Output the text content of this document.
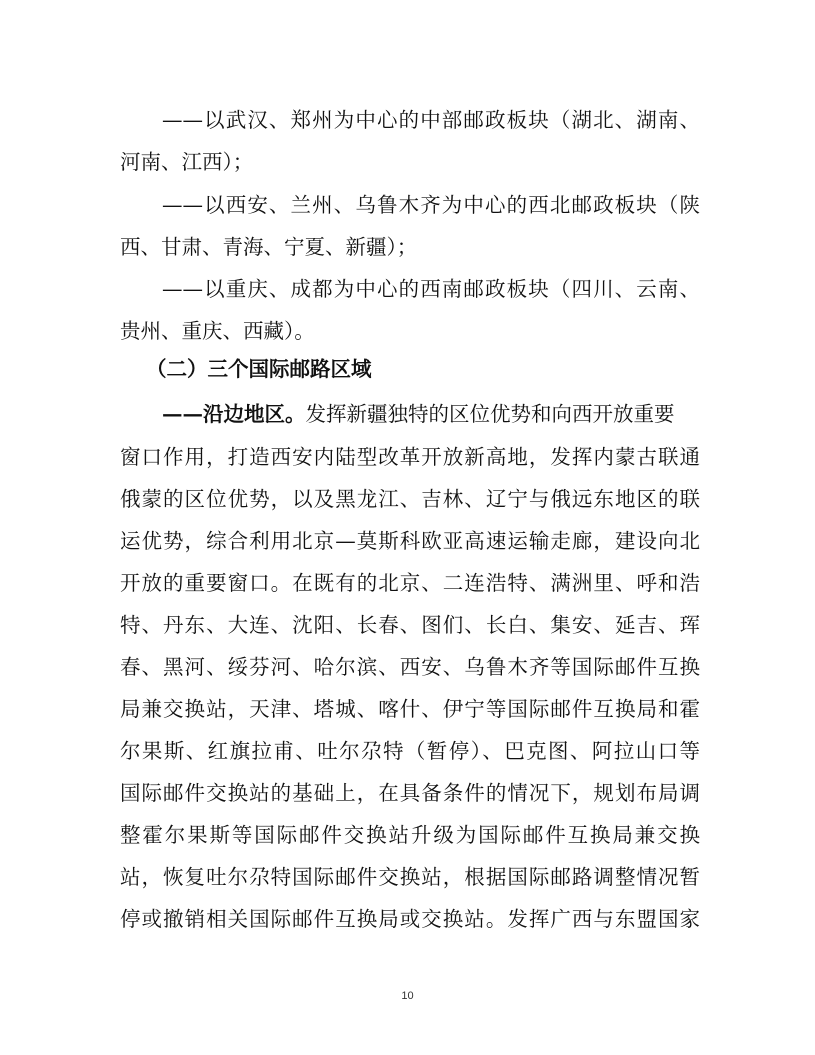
——以武汉、郑州为中心的中部邮政板块（湖北、湖南、
河南、江西）；
——以西安、兰州、乌鲁木齐为中心的西北邮政板块（陕
西、甘肃、青海、宁夏、新疆）；
——以重庆、成都为中心的西南邮政板块（四川、云南、
贵州、重庆、西藏）。
（二）三个国际邮路区域
——沿边地区。发挥新疆独特的区位优势和向西开放重要
窗口作用，打造西安内陆型改革开放新高地，发挥内蒙古联通
俄蒙的区位优势，以及黑龙江、吉林、辽宁与俄远东地区的联
运优势，综合利用北京—莫斯科欧亚高速运输走廊，建设向北
开放的重要窗口。在既有的北京、二连浩特、满洲里、呼和浩
特、丹东、大连、沈阳、长春、图们、长白、集安、延吉、珲
春、黑河、绥芬河、哈尔滨、西安、乌鲁木齐等国际邮件互换
局兼交换站，天津、塔城、喀什、伊宁等国际邮件互换局和霍
尔果斯、红旗拉甫、吐尔尕特（暂停）、巴克图、阿拉山口等
国际邮件交换站的基础上，在具备条件的情况下，规划布局调
整霍尔果斯等国际邮件交换站升级为国际邮件互换局兼交换
站，恢复吐尔尕特国际邮件交换站，根据国际邮路调整情况暂
停或撤销相关国际邮件互换局或交换站。发挥广西与东盟国家
10
